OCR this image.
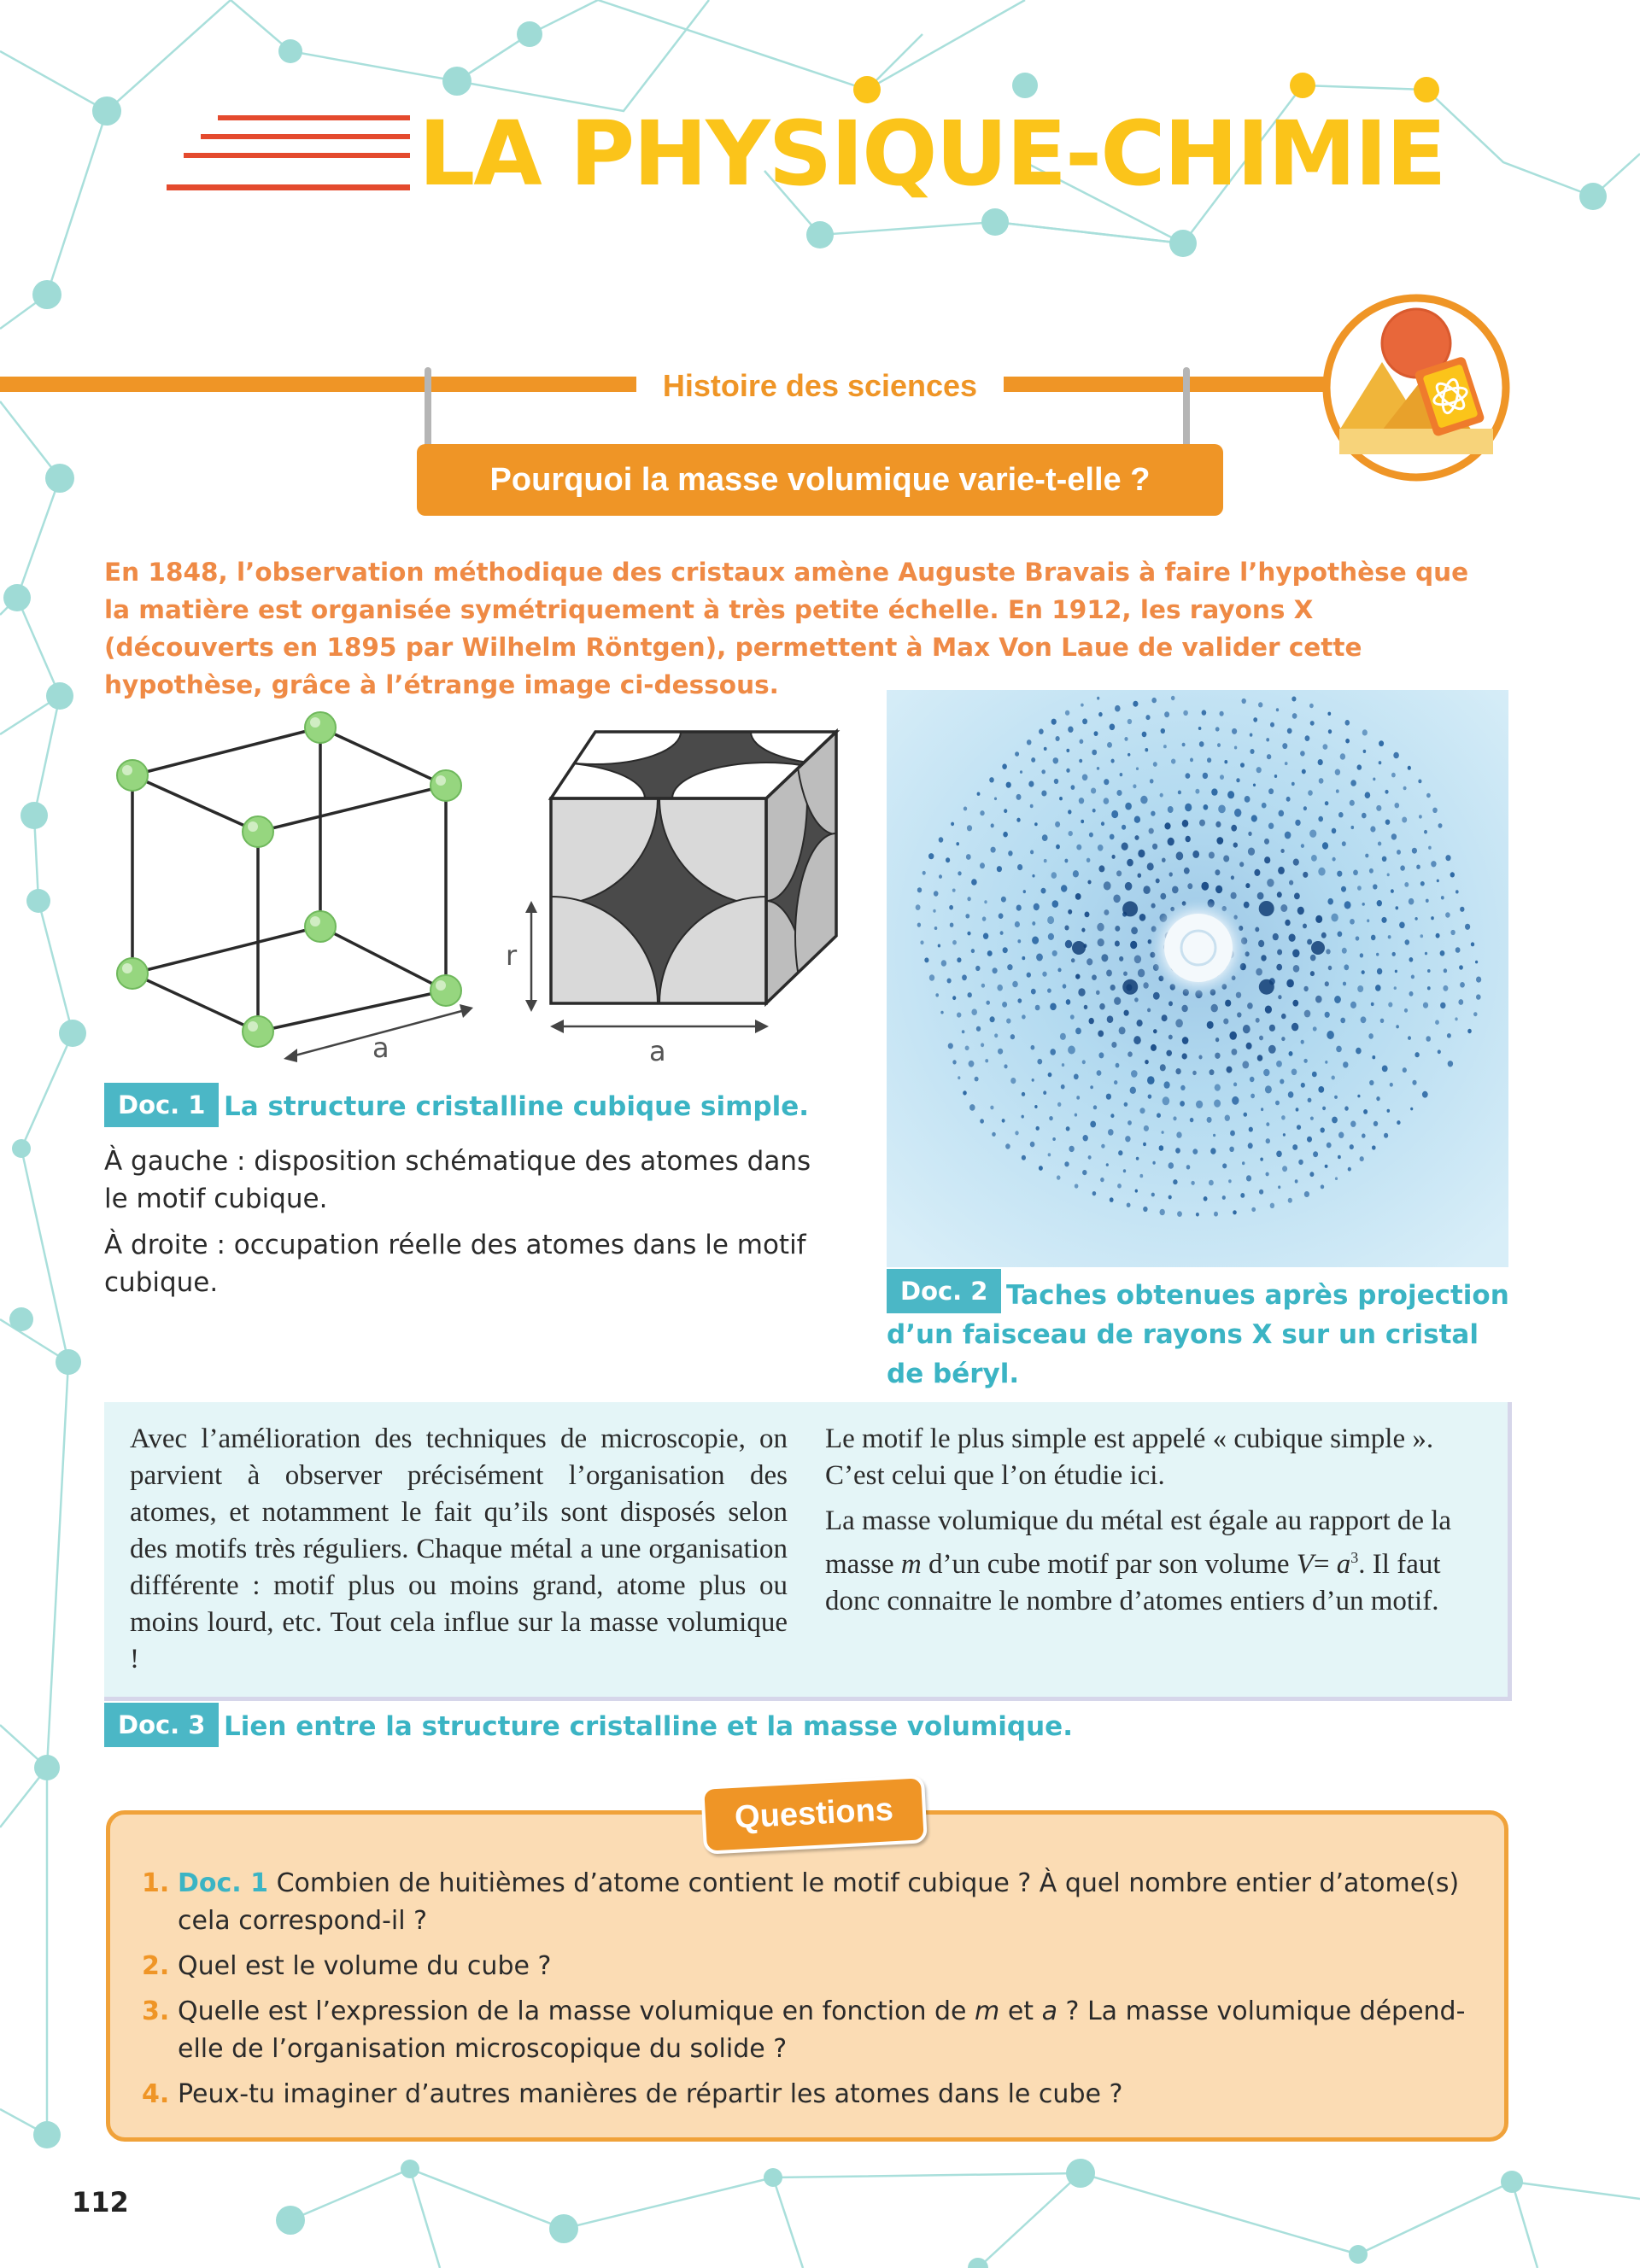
LA PHYSIQUE-CHIMIE
Histoire des sciences
Pourquoi la masse volumique varie-t-elle ?
En 1848, l’observation méthodique des cristaux amène Auguste Bravais à faire l’hypothèse que la matière est organisée symétriquement à très petite échelle. En 1912, les rayons X (découverts en 1895 par Wilhelm Röntgen), permettent à Max Von Laue de valider cette hypothèse, grâce à l’étrange image ci-dessous.
a
r
a
Doc. 1 La structure cristalline cubique simple.
À gauche : disposition schématique des atomes dans le motif cubique.
À droite : occupation réelle des atomes dans le motif cubique.	Doc. 2 Taches obtenues après projection d’un faisceau de rayons X sur un cristal de béryl.
Avec l’amélioration des techniques de microscopie, on parvient à observer précisément l’organisation des atomes, et notamment le fait qu’ils sont disposés selon des motifs très réguliers. Chaque métal a une organisation différente : motif plus ou moins grand, atome plus ou moins lourd, etc. Tout cela influe sur la masse volumique !

Le motif le plus simple est appelé « cubique simple ». C’est celui que l’on étudie ici.

La masse volumique du métal est égale au rapport de la masse m d’un cube motif par son volume $V= a^3$. Il faut donc connaitre le nombre d’atomes entiers d’un motif.

Doc. 3 Lien entre la structure cristalline et la masse volumique.
Questions
1. Doc. 1 Combien de huitièmes d’atome contient le motif cubique ? À quel nombre entier d’atome(s) cela correspond-il ?
2. Quel est le volume du cube ?
3. Quelle est l’expression de la masse volumique en fonction de m et a ? La masse volumique dépend-elle de l’organisation microscopique du solide ?
4. Peux-tu imaginer d’autres manières de répartir les atomes dans le cube ?
112
